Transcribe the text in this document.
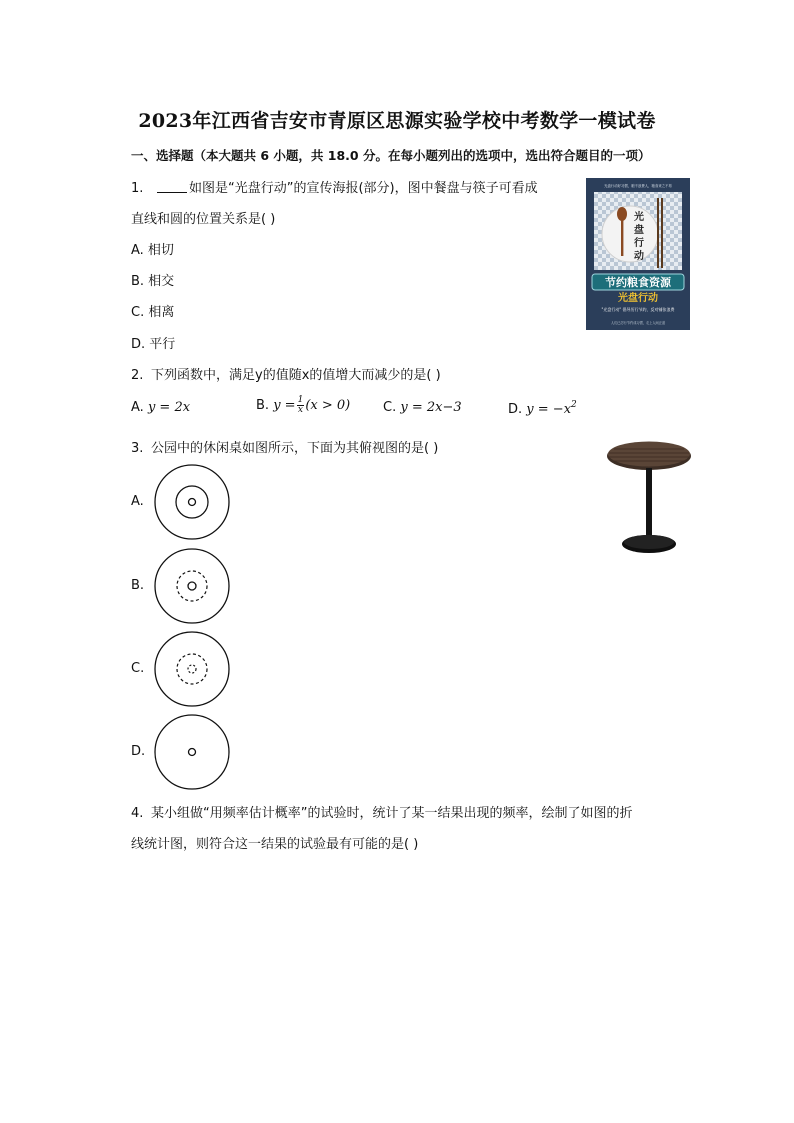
2023年江西省吉安市青原区思源实验学校中考数学一模试卷
一、选择题（本大题共 6 小题，共 18.0 分。在每小题列出的选项中，选出符合题目的一项）
1.	如图是“光盘行动”的宣传海报(部分)，图中餐盘与筷子可看成
直线和圆的位置关系是( )
A. 相切
B. 相交
C. 相离
D. 平行
光盘行动好习惯，粮不浪费人，粮食来之不易
光 盘 行 动
节约粮食资源
光盘行动
"光盘行动" 倡导厉行节约，反对铺张浪费
人们已厉行节约成习惯，走上人间正道
2. 下列函数中，满足y的值随x的值增大而减少的是( )
A. y = 2x	B. $y = \frac{1}{x} (x > 0)$	C. y = 2x−3	D. $y = -x^2$
3. 公园中的休闲桌如图所示，下面为其俯视图的是( )
A.
B.
C.
D.
4. 某小组做“用频率估计概率”的试验时，统计了某一结果出现的频率，绘制了如图的折
线统计图，则符合这一结果的试验最有可能的是( )
